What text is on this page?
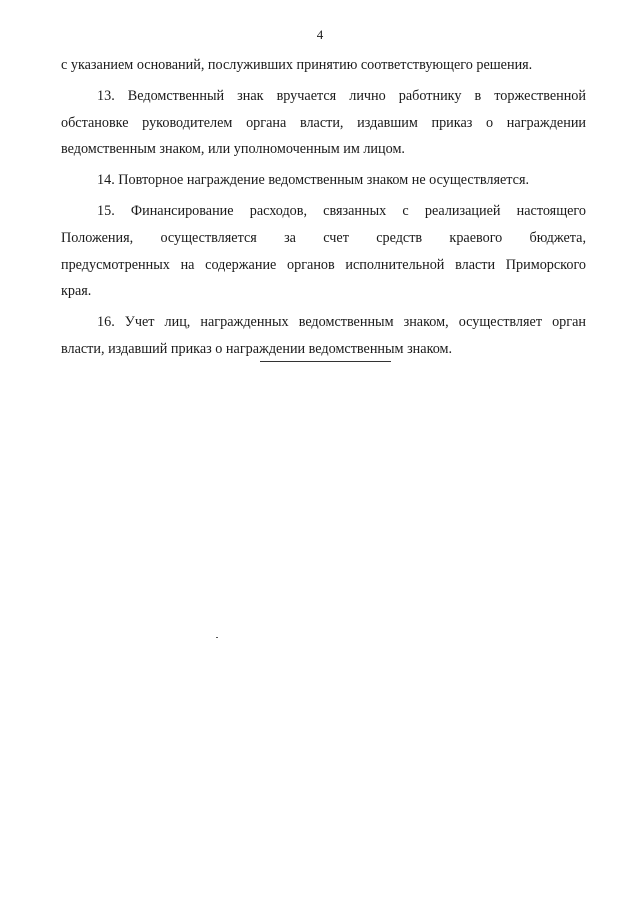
4
с указанием оснований, послуживших принятию соответствующего решения.
13. Ведомственный знак вручается лично работнику в торжественной
обстановке руководителем органа власти, издавшим приказ о награждении
ведомственным знаком, или уполномоченным им лицом.
14. Повторное награждение ведомственным знаком не осуществляется.
15. Финансирование расходов, связанных с реализацией настоящего
Положения, осуществляется за счет средств краевого бюджета,
предусмотренных на содержание органов исполнительной власти Приморского
края.
16. Учет лиц, награжденных ведомственным знаком, осуществляет орган
власти, издавший приказ о награждении ведомственным знаком.
